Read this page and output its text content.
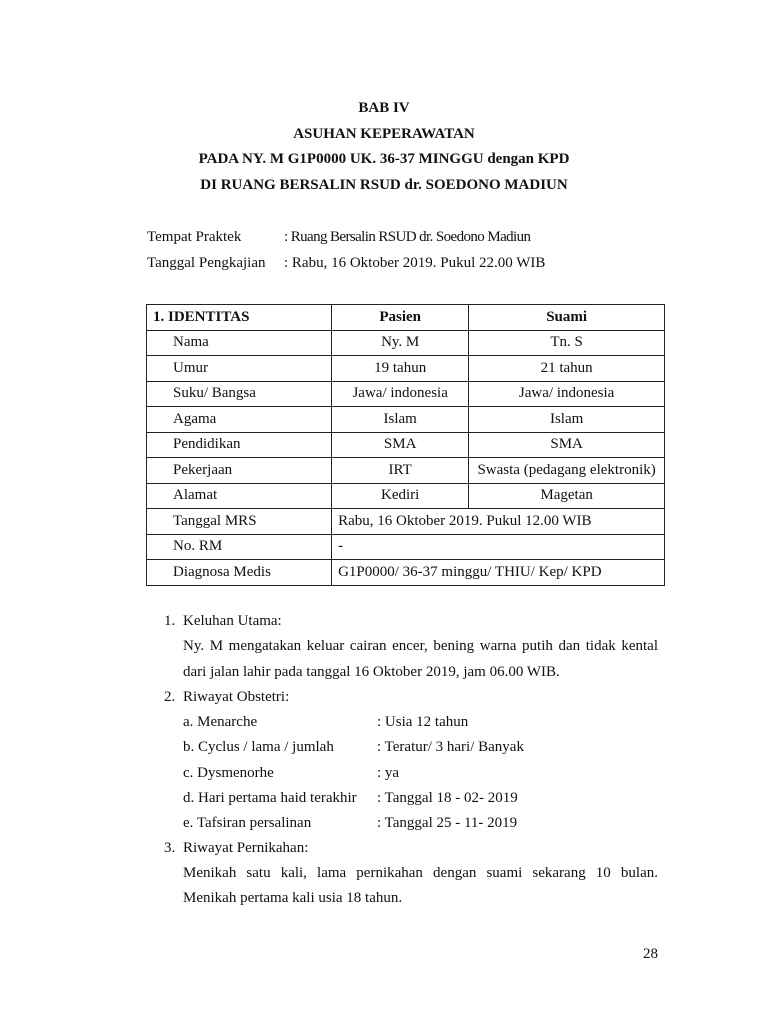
BAB IV
ASUHAN KEPERAWATAN
PADA NY. M G1P0000 UK. 36-37 MINGGU dengan KPD
DI RUANG BERSALIN RSUD dr. SOEDONO MADIUN
Tempat Praktek	: Ruang Bersalin RSUD dr. Soedono Madiun
Tanggal Pengkajian : Rabu, 16 Oktober 2019. Pukul 22.00 WIB
1. IDENTITAS	Pasien	Suami
Nama	Ny. M	Tn. S
Umur	19 tahun	21 tahun
Suku/ Bangsa	Jawa/ indonesia	Jawa/ indonesia
Agama	Islam	Islam
Pendidikan	SMA	SMA
Pekerjaan	IRT	Swasta (pedagang elektronik)
Alamat	Kediri	Magetan
Tanggal MRS	Rabu, 16 Oktober 2019. Pukul 12.00 WIB	
No. RM	-	
Diagnosa Medis	G1P0000/ 36-37 minggu/ THIU/ Kep/ KPD	
1. Keluhan Utama:
Ny. M mengatakan keluar cairan encer, bening warna putih dan tidak kental
dari jalan lahir pada tanggal 16 Oktober 2019, jam 06.00 WIB.
2. Riwayat Obstetri:
a. Menarche	: Usia 12 tahun
b. Cyclus / lama / jumlah	: Teratur/ 3 hari/ Banyak
c. Dysmenorhe	: ya
d. Hari pertama haid terakhir : Tanggal 18 - 02- 2019
e. Tafsiran persalinan	: Tanggal 25 - 11- 2019
3. Riwayat Pernikahan:
Menikah satu kali, lama pernikahan dengan suami sekarang 10 bulan.
Menikah pertama kali usia 18 tahun.
28
